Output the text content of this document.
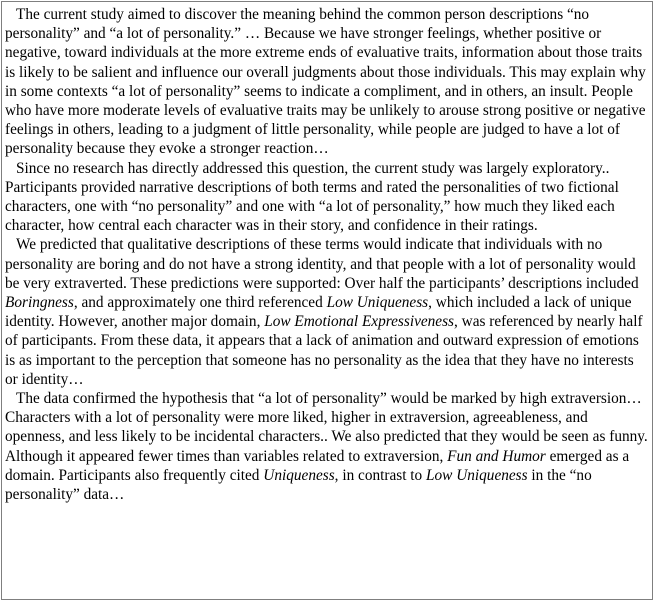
The current study aimed to discover the meaning behind the common person descriptions “no personality” and “a lot of personality.” … Because we have stronger feelings, whether positive or negative, toward individuals at the more extreme ends of evaluative traits, information about those traits is likely to be salient and influence our overall judgments about those individuals. This may explain why in some contexts “a lot of personality” seems to indicate a compliment, and in others, an insult. People who have more moderate levels of evaluative traits may be unlikely to arouse strong positive or negative feelings in others, leading to a judgment of little personality, while people are judged to have a lot of personality because they evoke a stronger reaction…

Since no research has directly addressed this question, the current study was largely exploratory.. Participants provided narrative descriptions of both terms and rated the personalities of two fictional characters, one with “no personality” and one with “a lot of personality,” how much they liked each character, how central each character was in their story, and confidence in their ratings.

We predicted that qualitative descriptions of these terms would indicate that individuals with no personality are boring and do not have a strong identity, and that people with a lot of personality would be very extraverted. These predictions were supported: Over half the participants’ descriptions included Boringness, and approximately one third referenced Low Uniqueness, which included a lack of unique identity. However, another major domain, Low Emotional Expressiveness, was referenced by nearly half of participants. From these data, it appears that a lack of animation and outward expression of emotions is as important to the perception that someone has no personality as the idea that they have no interests or identity…

The data confirmed the hypothesis that “a lot of personality” would be marked by high extraversion… Characters with a lot of personality were more liked, higher in extraversion, agreeableness, and openness, and less likely to be incidental characters.. We also predicted that they would be seen as funny. Although it appeared fewer times than variables related to extraversion, Fun and Humor emerged as a domain. Participants also frequently cited Uniqueness, in contrast to Low Uniqueness in the “no personality” data…
